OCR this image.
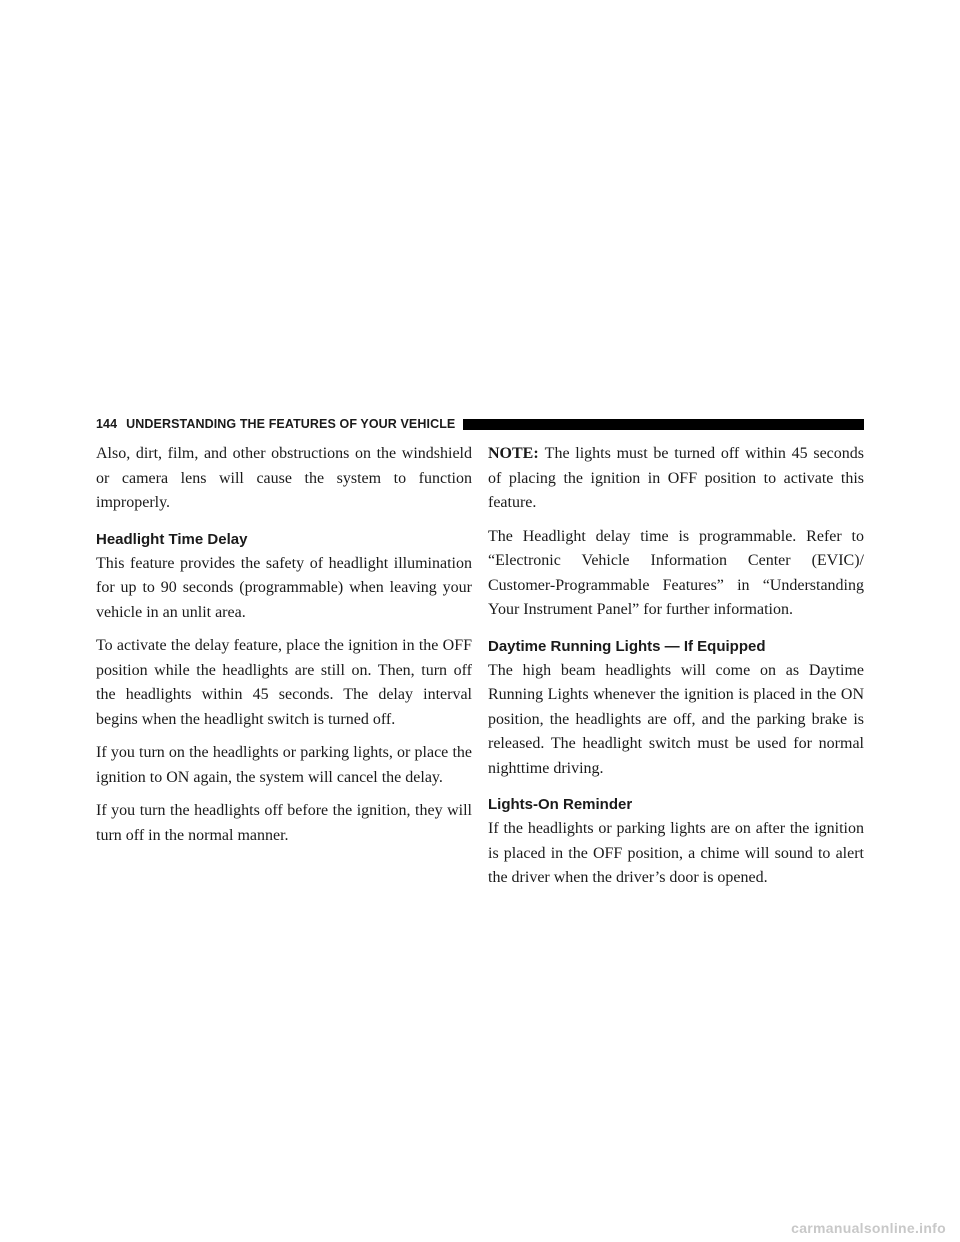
144 UNDERSTANDING THE FEATURES OF YOUR VEHICLE

Also, dirt, film, and other obstructions on the windshield or camera lens will cause the system to function improperly.

Headlight Time Delay

This feature provides the safety of headlight illumination for up to 90 seconds (programmable) when leaving your vehicle in an unlit area.

To activate the delay feature, place the ignition in the OFF position while the headlights are still on. Then, turn off the headlights within 45 seconds. The delay interval begins when the headlight switch is turned off.

If you turn on the headlights or parking lights, or place the ignition to ON again, the system will cancel the delay.

If you turn the headlights off before the ignition, they will turn off in the normal manner.

NOTE: The lights must be turned off within 45 seconds of placing the ignition in OFF position to activate this feature.

The Headlight delay time is programmable. Refer to “Electronic Vehicle Information Center (EVIC)/ Customer-Programmable Features” in “Understanding Your Instrument Panel” for further information.

Daytime Running Lights — If Equipped

The high beam headlights will come on as Daytime Running Lights whenever the ignition is placed in the ON position, the headlights are off, and the parking brake is released. The headlight switch must be used for normal nighttime driving.

Lights-On Reminder

If the headlights or parking lights are on after the ignition is placed in the OFF position, a chime will sound to alert the driver when the driver’s door is opened.

carmanualsonline.info
